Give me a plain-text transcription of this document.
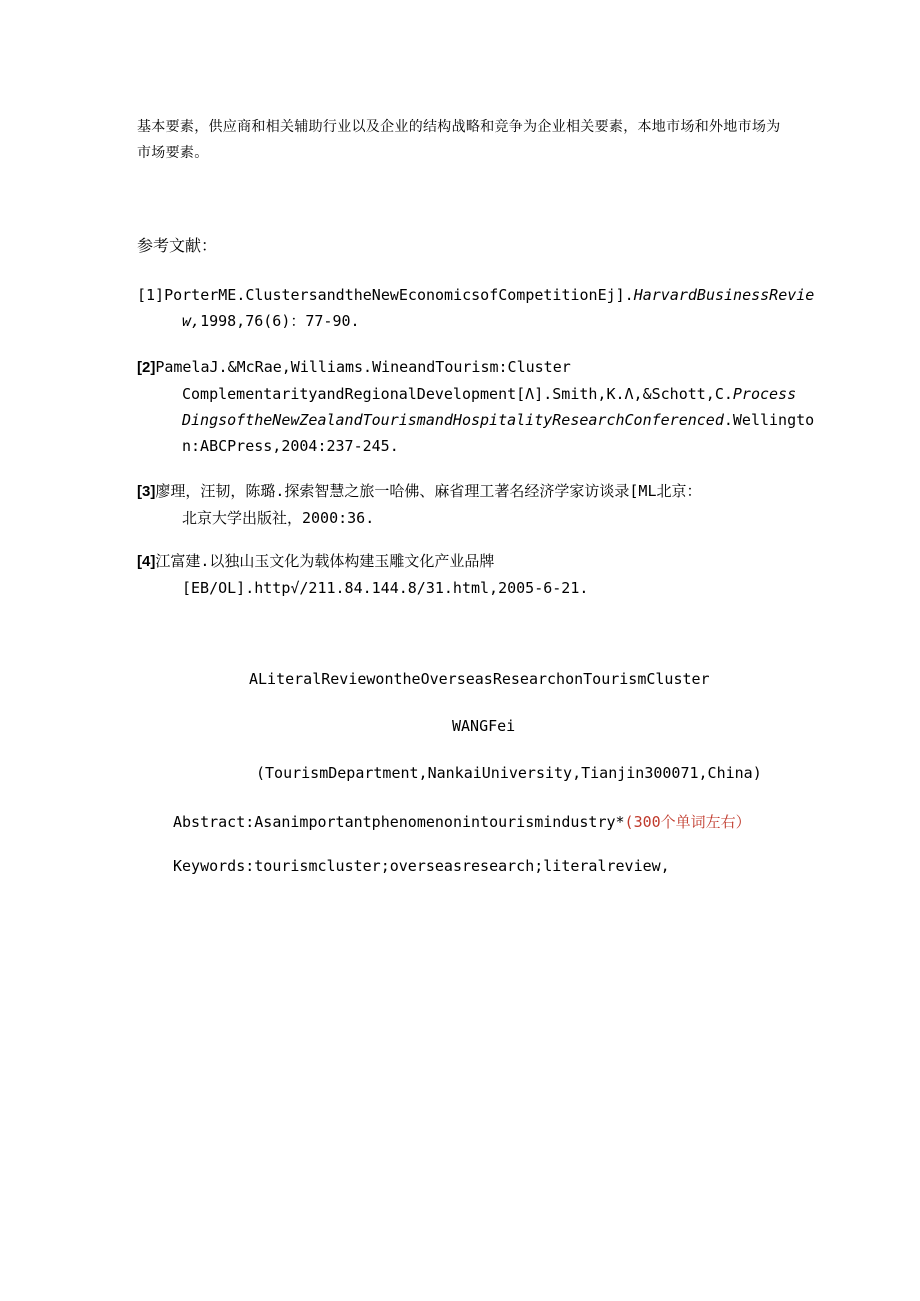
基本要素，供应商和相关辅助行业以及企业的结构战略和竞争为企业相关要素，本地市场和外地市场为
市场要素。
参考文献：
[1]PorterME.ClustersandtheNewEconomicsofCompetitionEj].HarvardBusinessRevie
w,1998,76(6)：77-90.
[2]PamelaJ.&McRae,Williams.WineandTourism:Cluster
ComplementarityandRegionalDevelopment[Λ].Smith,K.Λ,&Schott,C.Process
DingsoftheNewZealandTourismandHospitalityResearchConferenced.Wellingto
n:ABCPress,2004:237-245.
[3]廖理，汪韧，陈璐.探索智慧之旅一哈佛、麻省理工著名经济学家访谈录[ML北京：
北京大学出版社，2000:36.
[4]江富建.以独山玉文化为载体构建玉雕文化产业品牌
[EB/OL].http√/211.84.144.8/31.html,2005-6-21.
ALiteralReviewontheOverseasResearchonTourismCluster
WANGFei
(TourismDepartment,NankaiUniversity,Tianjin300071,China)
Abstract:Asanimportantphenomenonintourismindustry*(300个单词左右）
Keywords:tourismcluster;overseasresearch;literalreview,
